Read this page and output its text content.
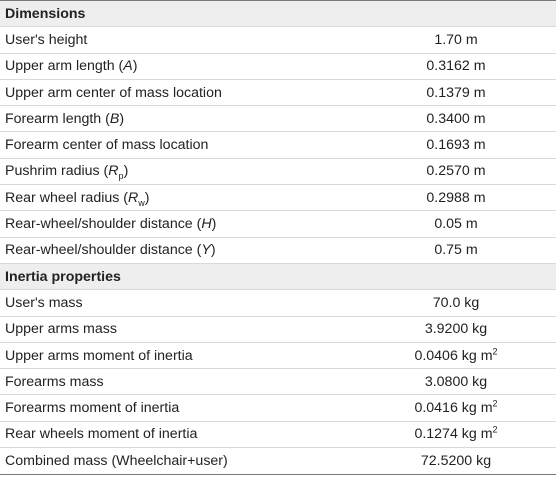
Dimensions
User's height	1.70 m
Upper arm length (A)	0.3162 m
Upper arm center of mass location	0.1379 m
Forearm length (B)	0.3400 m
Forearm center of mass location	0.1693 m
Pushrim radius $(R_p)$	0.2570 m
Rear wheel radius $(R_w)$	0.2988 m
Rear-wheel/shoulder distance (H)	0.05 m
Rear-wheel/shoulder distance (Y)	0.75 m
Inertia properties
User's mass	70.0 kg
Upper arms mass	3.9200 kg
Upper arms moment of inertia	0.0406 kg $m^2$
Forearms mass	3.0800 kg
Forearms moment of inertia	0.0416 kg $m^2$
Rear wheels moment of inertia	0.1274 kg $m^2$
Combined mass (Wheelchair+user)	72.5200 kg
